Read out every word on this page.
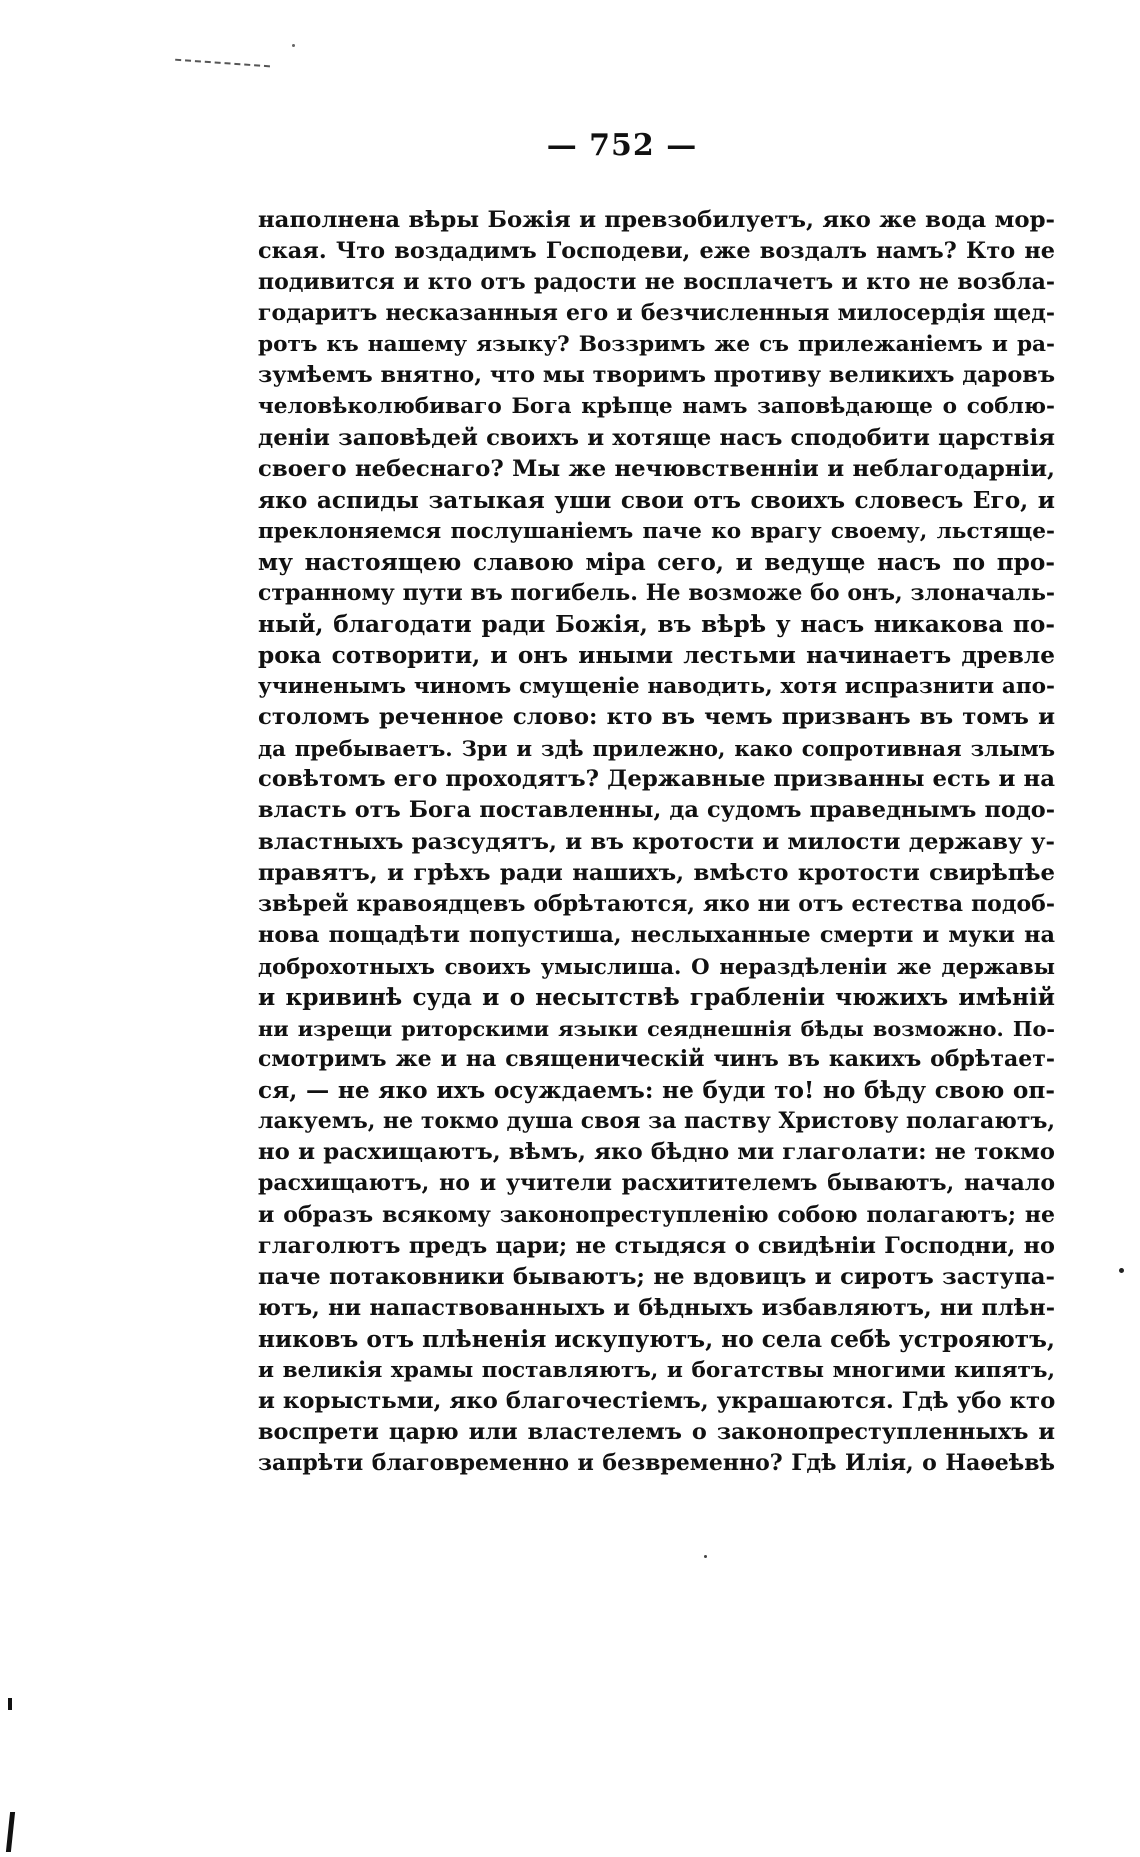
— 752 —
наполнена вѣры Божія и превзобилуетъ, яко же вода мор-
ская. Что воздадимъ Господеви, еже воздалъ намъ? Кто не
подивится и кто отъ радости не восплачетъ и кто не возбла-
годаритъ несказанныя его и безчисленныя милосердія щед-
ротъ къ нашему языку? Воззримъ же съ прилежаніемъ и ра-
зумѣемъ внятно, что мы творимъ противу великихъ даровъ
человѣколюбиваго Бога крѣпце намъ заповѣдающе о соблю-
деніи заповѣдей своихъ и хотяще насъ сподобити царствія
своего небеснаго? Мы же нечювственніи и неблагодарніи,
яко аспиды затыкая уши свои отъ своихъ словесъ Его, и
преклоняемся послушаніемъ паче ко врагу своему, льстяще-
му настоящею славою міра сего, и ведуще насъ по про-
странному пути въ погибель. Не возможе бо онъ, злоначаль-
ный, благодати ради Божія, въ вѣрѣ у насъ никакова по-
рока сотворити, и онъ иными лестьми начинаетъ древле
учиненымъ чиномъ смущеніе наводить, хотя испразнити апо-
столомъ реченное слово: кто въ чемъ призванъ въ томъ и
да пребываетъ. Зри и здѣ прилежно, како сопротивная злымъ
совѣтомъ его проходятъ? Державные призванны есть и на
власть отъ Бога поставленны, да судомъ праведнымъ подо-
властныхъ разсудятъ, и въ кротости и милости державу у-
правятъ, и грѣхъ ради нашихъ, вмѣсто кротости свирѣпѣе
звѣрей кравоядцевъ обрѣтаются, яко ни отъ естества подоб-
нова пощадѣти попустиша, неслыханные смерти и муки на
доброхотныхъ своихъ умыслиша. О нераздѣленіи же державы
и кривинѣ суда и о несытствѣ грабленіи чюжихъ имѣній
ни изрещи риторскими языки сеяднешнія бѣды возможно. По-
смотримъ же и на священическій чинъ въ какихъ обрѣтает-
ся, — не яко ихъ осуждаемъ: не буди то! но бѣду свою оп-
лакуемъ, не токмо душа своя за паству Христову полагаютъ,
но и расхищаютъ, вѣмъ, яко бѣдно ми глаголати: не токмо
расхищаютъ, но и учители расхитителемъ бываютъ, начало
и образъ всякому законопреступленію собою полагаютъ; не
глаголютъ предъ цари; не стыдяся о свидѣніи Господни, но
паче потаковники бываютъ; не вдовицъ и сиротъ заступа-
ютъ, ни напаствованныхъ и бѣдныхъ избавляютъ, ни плѣн-
никовъ отъ плѣненія искупуютъ, но села себѣ устрояютъ,
и великія храмы поставляютъ, и богатствы многими кипятъ,
и корыстьми, яко благочестіемъ, украшаются. Гдѣ убо кто
воспрети царю или властелемъ о законопреступленныхъ и
запрѣти благовременно и безвременно? Гдѣ Илія, о Наѳеѣвѣ
